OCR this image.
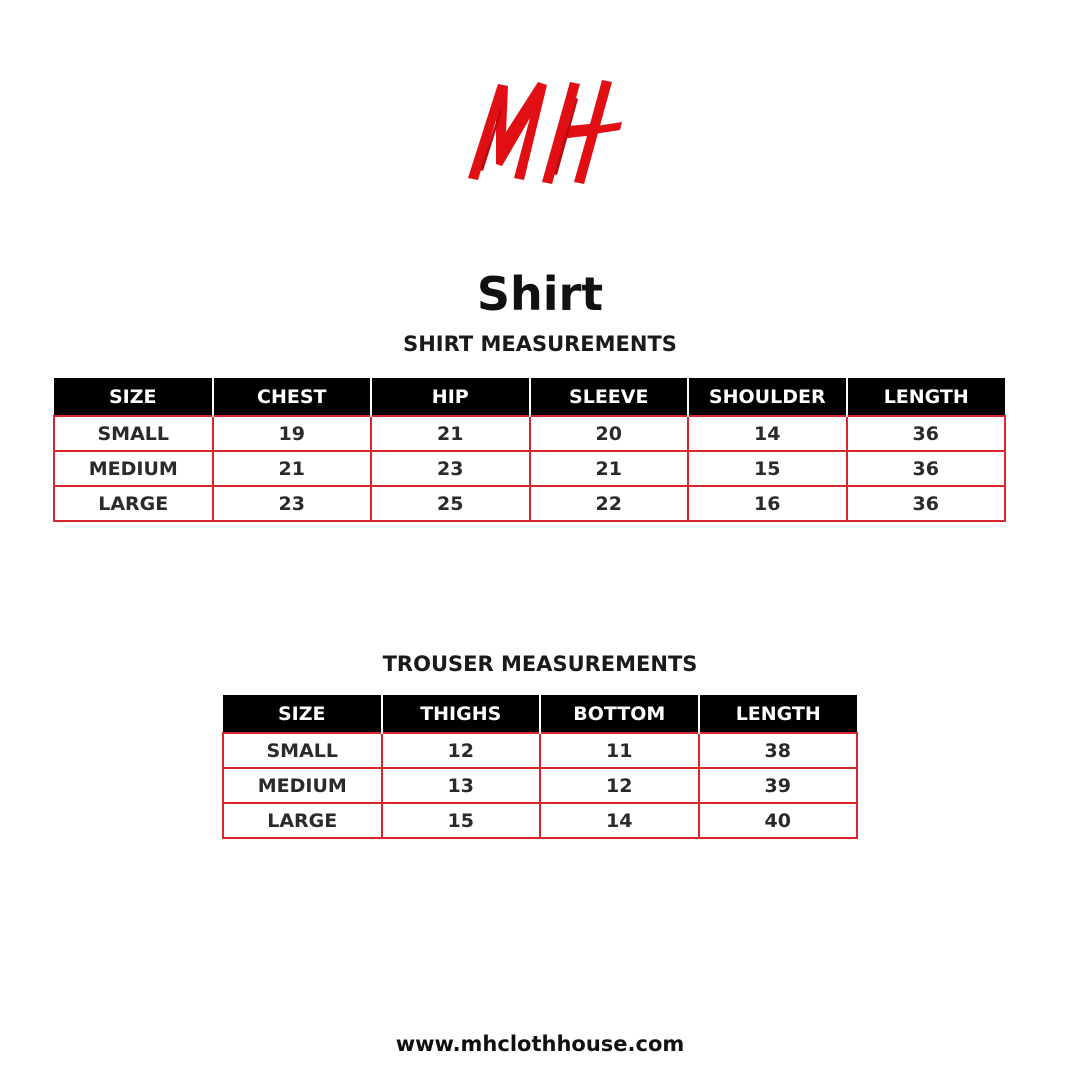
Shirt
SHIRT MEASUREMENTS
SIZE	CHEST	HIP	SLEEVE	SHOULDER	LENGTH
SMALL	19	21	20	14	36
MEDIUM	21	23	21	15	36
LARGE	23	25	22	16	36
TROUSER MEASUREMENTS
SIZE	THIGHS	BOTTOM	LENGTH
SMALL	12	11	38
MEDIUM	13	12	39
LARGE	15	14	40
www.mhclothhouse.com
